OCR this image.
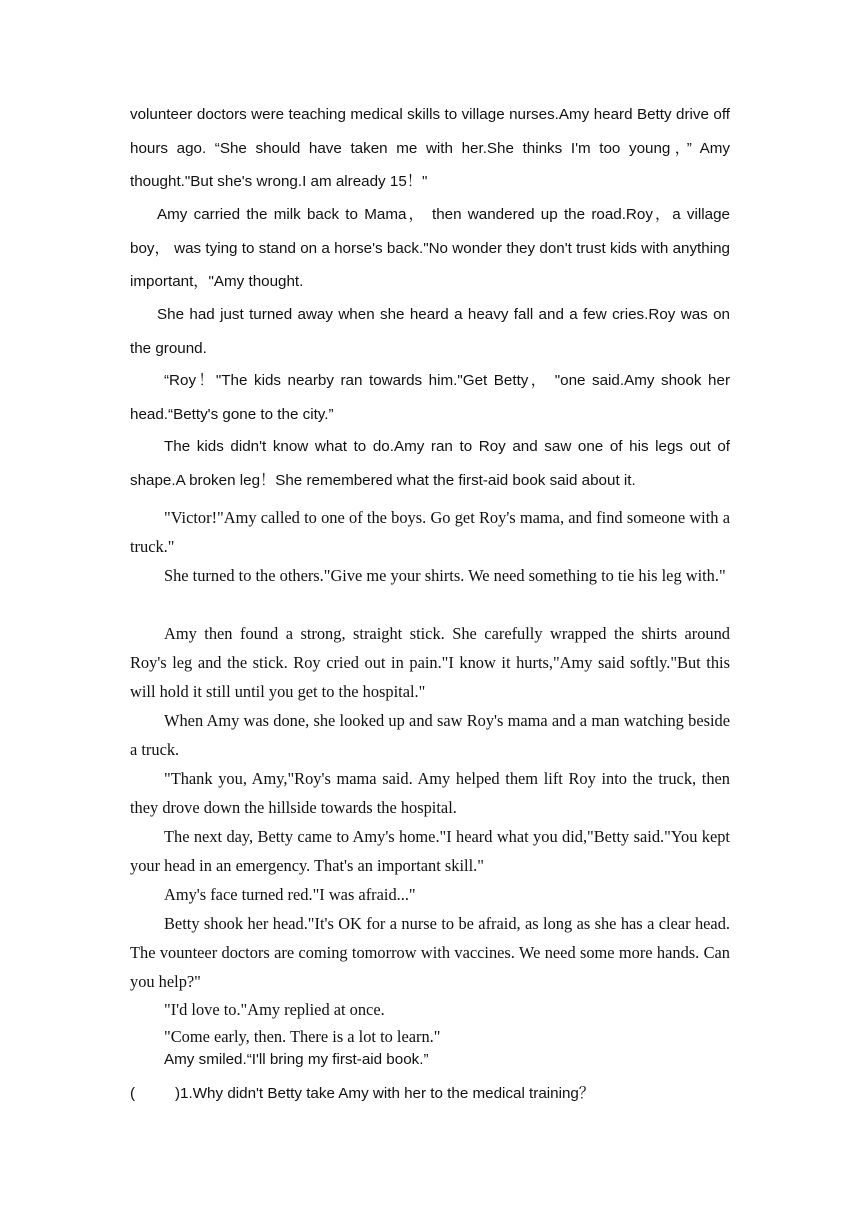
volunteer doctors were teaching medical skills to village nurses.Amy heard Betty drive off hours ago. “She should have taken me with her.She thinks I'm too young，” Amy thought."But she's wrong.I am already 15！"

Amy carried the milk back to Mama， then wandered up the road.Roy，a village boy， was tying to stand on a horse's back."No wonder they don't trust kids with anything important，"Amy thought.

She had just turned away when she heard a heavy fall and a few cries.Roy was on the ground.

“Roy！"The kids nearby ran towards him."Get Betty， "one said.Amy shook her head.“Betty's gone to the city.”

The kids didn't know what to do.Amy ran to Roy and saw one of his legs out of shape.A broken leg！She remembered what the first-aid book said about it.

"Victor!"Amy called to one of the boys. Go get Roy's mama, and find someone with a truck."

She turned to the others."Give me your shirts. We need something to tie his leg with."

Amy then found a strong, straight stick. She carefully wrapped the shirts around Roy's leg and the stick. Roy cried out in pain."I know it hurts,"Amy said softly."But this will hold it still until you get to the hospital."

When Amy was done, she looked up and saw Roy's mama and a man watching beside a truck.

"Thank you, Amy,"Roy's mama said. Amy helped them lift Roy into the truck, then they drove down the hillside towards the hospital.

The next day, Betty came to Amy's home."I heard what you did,"Betty said."You kept your head in an emergency. That's an important skill."

Amy's face turned red."I was afraid..."

Betty shook her head."It's OK for a nurse to be afraid, as long as she has a clear head. The vounteer doctors are coming tomorrow with vaccines. We need some more hands. Can you help?"

"I'd love to."Amy replied at once.

"Come early, then. There is a lot to learn."

Amy smiled.“I'll bring my first-aid book.”

(	)1.Why didn't Betty take Amy with her to the medical training？
